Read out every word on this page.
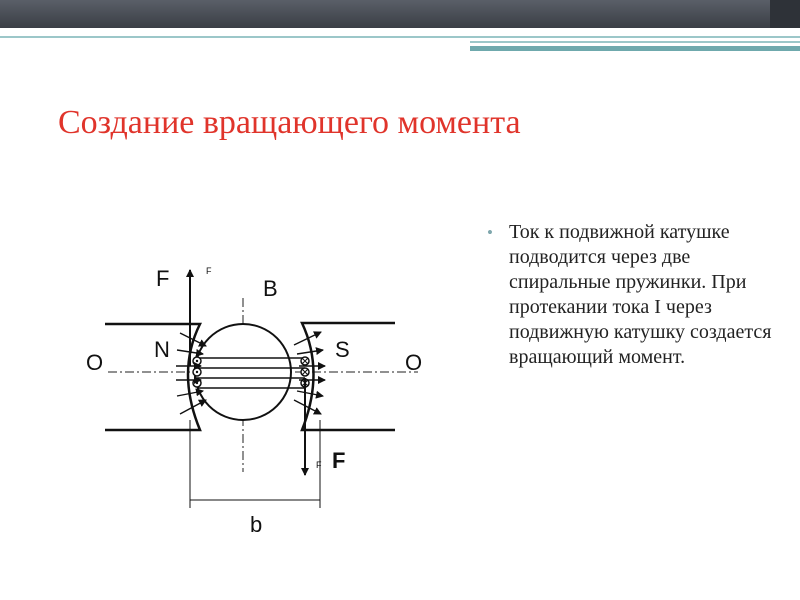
Создание вращающего момента
• Ток к подвижной катушке подводится через две спиральные пружинки. При протекании тока I через подвижную катушку создается вращающий момент.
F	F
B
N	S
O	O
F F
b
